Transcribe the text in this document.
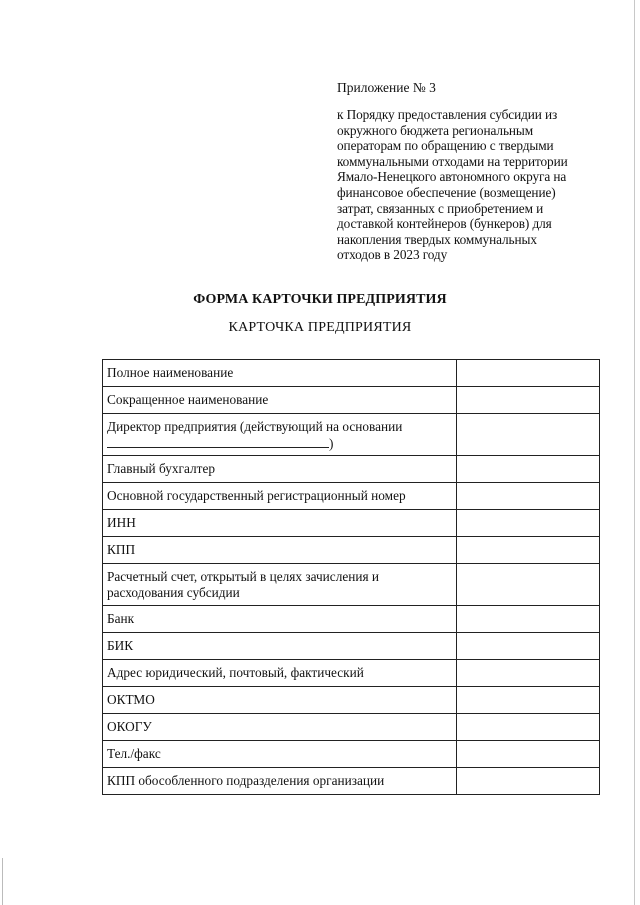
Приложение № 3
к Порядку предоставления субсидии из
окружного бюджета региональным
операторам по обращению с твердыми
коммунальными отходами на территории
Ямало-Ненецкого автономного округа на
финансовое обеспечение (возмещение)
затрат, связанных с приобретением и
доставкой контейнеров (бункеров) для
накопления твердых коммунальных
отходов в 2023 году
ФОРМА КАРТОЧКИ ПРЕДПРИЯТИЯ
КАРТОЧКА ПРЕДПРИЯТИЯ
Полное наименование	
Сокращенное наименование	
Директор предприятия (действующий на основании
)	
Главный бухгалтер	
Основной государственный регистрационный номер	
ИНН	
КПП	
Расчетный счет, открытый в целях зачисления и расходования субсидии	
Банк	
БИК	
Адрес юридический, почтовый, фактический	
ОКТМО	
ОКОГУ	
Тел./факс	
КПП обособленного подразделения организации	
